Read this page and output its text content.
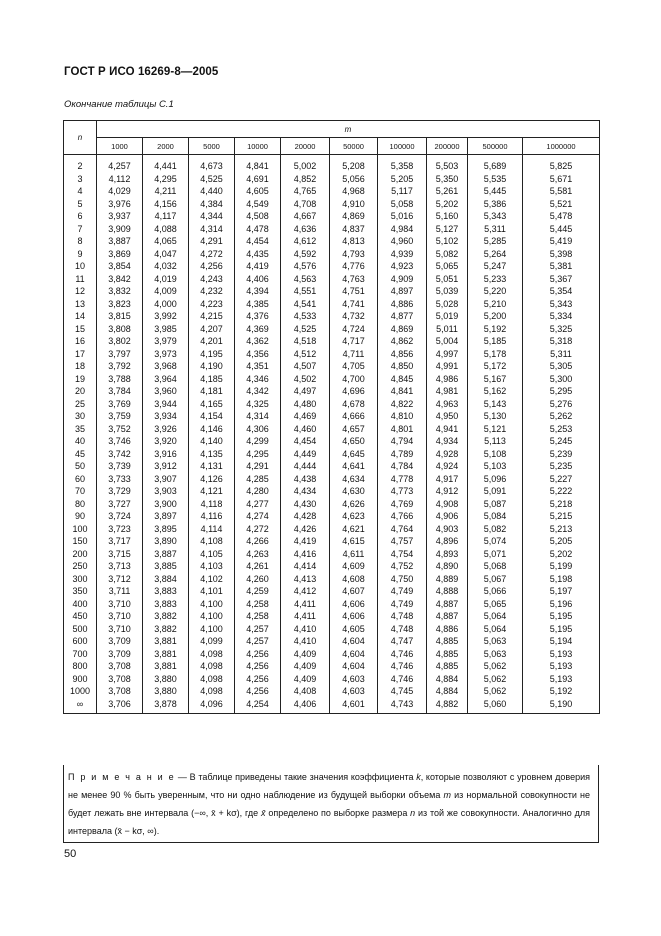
ГОСТ Р ИСО 16269-8—2005
Окончание таблицы С.1
n	m									
	1000	2000	5000	10000	20000	50000	100000	200000	500000	1000000
2	4,257	4,441	4,673	4,841	5,002	5,208	5,358	5,503	5,689	5,825
3	4,112	4,295	4,525	4,691	4,852	5,056	5,205	5,350	5,535	5,671
4	4,029	4,211	4,440	4,605	4,765	4,968	5,117	5,261	5,445	5,581
5	3,976	4,156	4,384	4,549	4,708	4,910	5,058	5,202	5,386	5,521
6	3,937	4,117	4,344	4,508	4,667	4,869	5,016	5,160	5,343	5,478
7	3,909	4,088	4,314	4,478	4,636	4,837	4,984	5,127	5,311	5,445
8	3,887	4,065	4,291	4,454	4,612	4,813	4,960	5,102	5,285	5,419
9	3,869	4,047	4,272	4,435	4,592	4,793	4,939	5,082	5,264	5,398
10	3,854	4,032	4,256	4,419	4,576	4,776	4,923	5,065	5,247	5,381
11	3,842	4,019	4,243	4,406	4,563	4,763	4,909	5,051	5,233	5,367
12	3,832	4,009	4,232	4,394	4,551	4,751	4,897	5,039	5,220	5,354
13	3,823	4,000	4,223	4,385	4,541	4,741	4,886	5,028	5,210	5,343
14	3,815	3,992	4,215	4,376	4,533	4,732	4,877	5,019	5,200	5,334
15	3,808	3,985	4,207	4,369	4,525	4,724	4,869	5,011	5,192	5,325
16	3,802	3,979	4,201	4,362	4,518	4,717	4,862	5,004	5,185	5,318
17	3,797	3,973	4,195	4,356	4,512	4,711	4,856	4,997	5,178	5,311
18	3,792	3,968	4,190	4,351	4,507	4,705	4,850	4,991	5,172	5,305
19	3,788	3,964	4,185	4,346	4,502	4,700	4,845	4,986	5,167	5,300
20	3,784	3,960	4,181	4,342	4,497	4,696	4,841	4,981	5,162	5,295
25	3,769	3,944	4,165	4,325	4,480	4,678	4,822	4,963	5,143	5,276
30	3,759	3,934	4,154	4,314	4,469	4,666	4,810	4,950	5,130	5,262
35	3,752	3,926	4,146	4,306	4,460	4,657	4,801	4,941	5,121	5,253
40	3,746	3,920	4,140	4,299	4,454	4,650	4,794	4,934	5,113	5,245
45	3,742	3,916	4,135	4,295	4,449	4,645	4,789	4,928	5,108	5,239
50	3,739	3,912	4,131	4,291	4,444	4,641	4,784	4,924	5,103	5,235
60	3,733	3,907	4,126	4,285	4,438	4,634	4,778	4,917	5,096	5,227
70	3,729	3,903	4,121	4,280	4,434	4,630	4,773	4,912	5,091	5,222
80	3,727	3,900	4,118	4,277	4,430	4,626	4,769	4,908	5,087	5,218
90	3,724	3,897	4,116	4,274	4,428	4,623	4,766	4,906	5,084	5,215
100	3,723	3,895	4,114	4,272	4,426	4,621	4,764	4,903	5,082	5,213
150	3,717	3,890	4,108	4,266	4,419	4,615	4,757	4,896	5,074	5,205
200	3,715	3,887	4,105	4,263	4,416	4,611	4,754	4,893	5,071	5,202
250	3,713	3,885	4,103	4,261	4,414	4,609	4,752	4,890	5,068	5,199
300	3,712	3,884	4,102	4,260	4,413	4,608	4,750	4,889	5,067	5,198
350	3,711	3,883	4,101	4,259	4,412	4,607	4,749	4,888	5,066	5,197
400	3,710	3,883	4,100	4,258	4,411	4,606	4,749	4,887	5,065	5,196
450	3,710	3,882	4,100	4,258	4,411	4,606	4,748	4,887	5,064	5,195
500	3,710	3,882	4,100	4,257	4,410	4,605	4,748	4,886	5,064	5,195
600	3,709	3,881	4,099	4,257	4,410	4,604	4,747	4,885	5,063	5,194
700	3,709	3,881	4,098	4,256	4,409	4,604	4,746	4,885	5,063	5,193
800	3,708	3,881	4,098	4,256	4,409	4,604	4,746	4,885	5,062	5,193
900	3,708	3,880	4,098	4,256	4,409	4,603	4,746	4,884	5,062	5,193
1000	3,708	3,880	4,098	4,256	4,408	4,603	4,745	4,884	5,062	5,192
∞	3,706	3,878	4,096	4,254	4,406	4,601	4,743	4,882	5,060	5,190
П р и м е ч а н и е — В таблице приведены такие значения коэффициента k, которые позволяют с уровнем доверия не менее 90 % быть уверенным, что ни одно наблюдение из будущей выборки объема m из нормальной совокупности не будет лежать вне интервала (−∞, x̄ + kσ), где x̄ определено по выборке размера n из той же совокупности. Аналогично для интервала (x̄ − kσ, ∞).
50
